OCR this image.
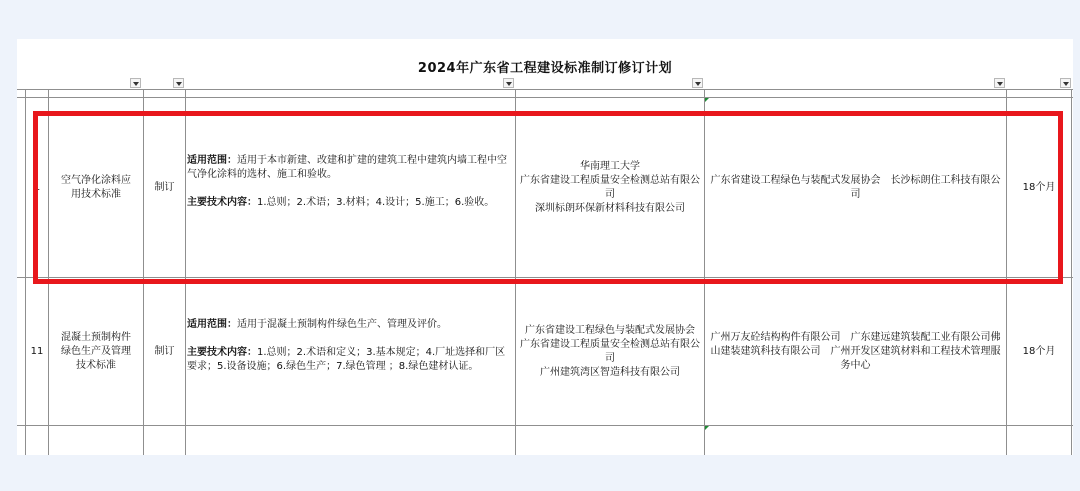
2024年广东省工程建设标准制订修订计划
1
空气净化涂料应用技术标准
制订
适用范围：适用于本市新建、改建和扩建的建筑工程中建筑内墙工程中空气净化涂料的选材、施工和验收。
主要技术内容：1.总则；2.术语；3.材料；4.设计；5.施工；6.验收。
华南理工大学
广东省建设工程质量安全检测总站有限公司
深圳标朗环保新材料科技有限公司
广东省建设工程绿色与装配式发展协会　长沙标朗住工科技有限公司
18个月
11
混凝土预制构件绿色生产及管理技术标准
制订
适用范围：适用于混凝土预制构件绿色生产、管理及评价。
主要技术内容：1.总则；2.术语和定义；3.基本规定；4.厂址选择和厂区要求；5.设备设施；6.绿色生产；7.绿色管理 ；8.绿色建材认证。
广东省建设工程绿色与装配式发展协会
广东省建设工程质量安全检测总站有限公司
广州建筑湾区智造科技有限公司
广州万友砼结构构件有限公司　广东建远建筑装配工业有限公司佛山建装建筑科技有限公司　广州开发区建筑材料和工程技术管理服务中心
18个月
